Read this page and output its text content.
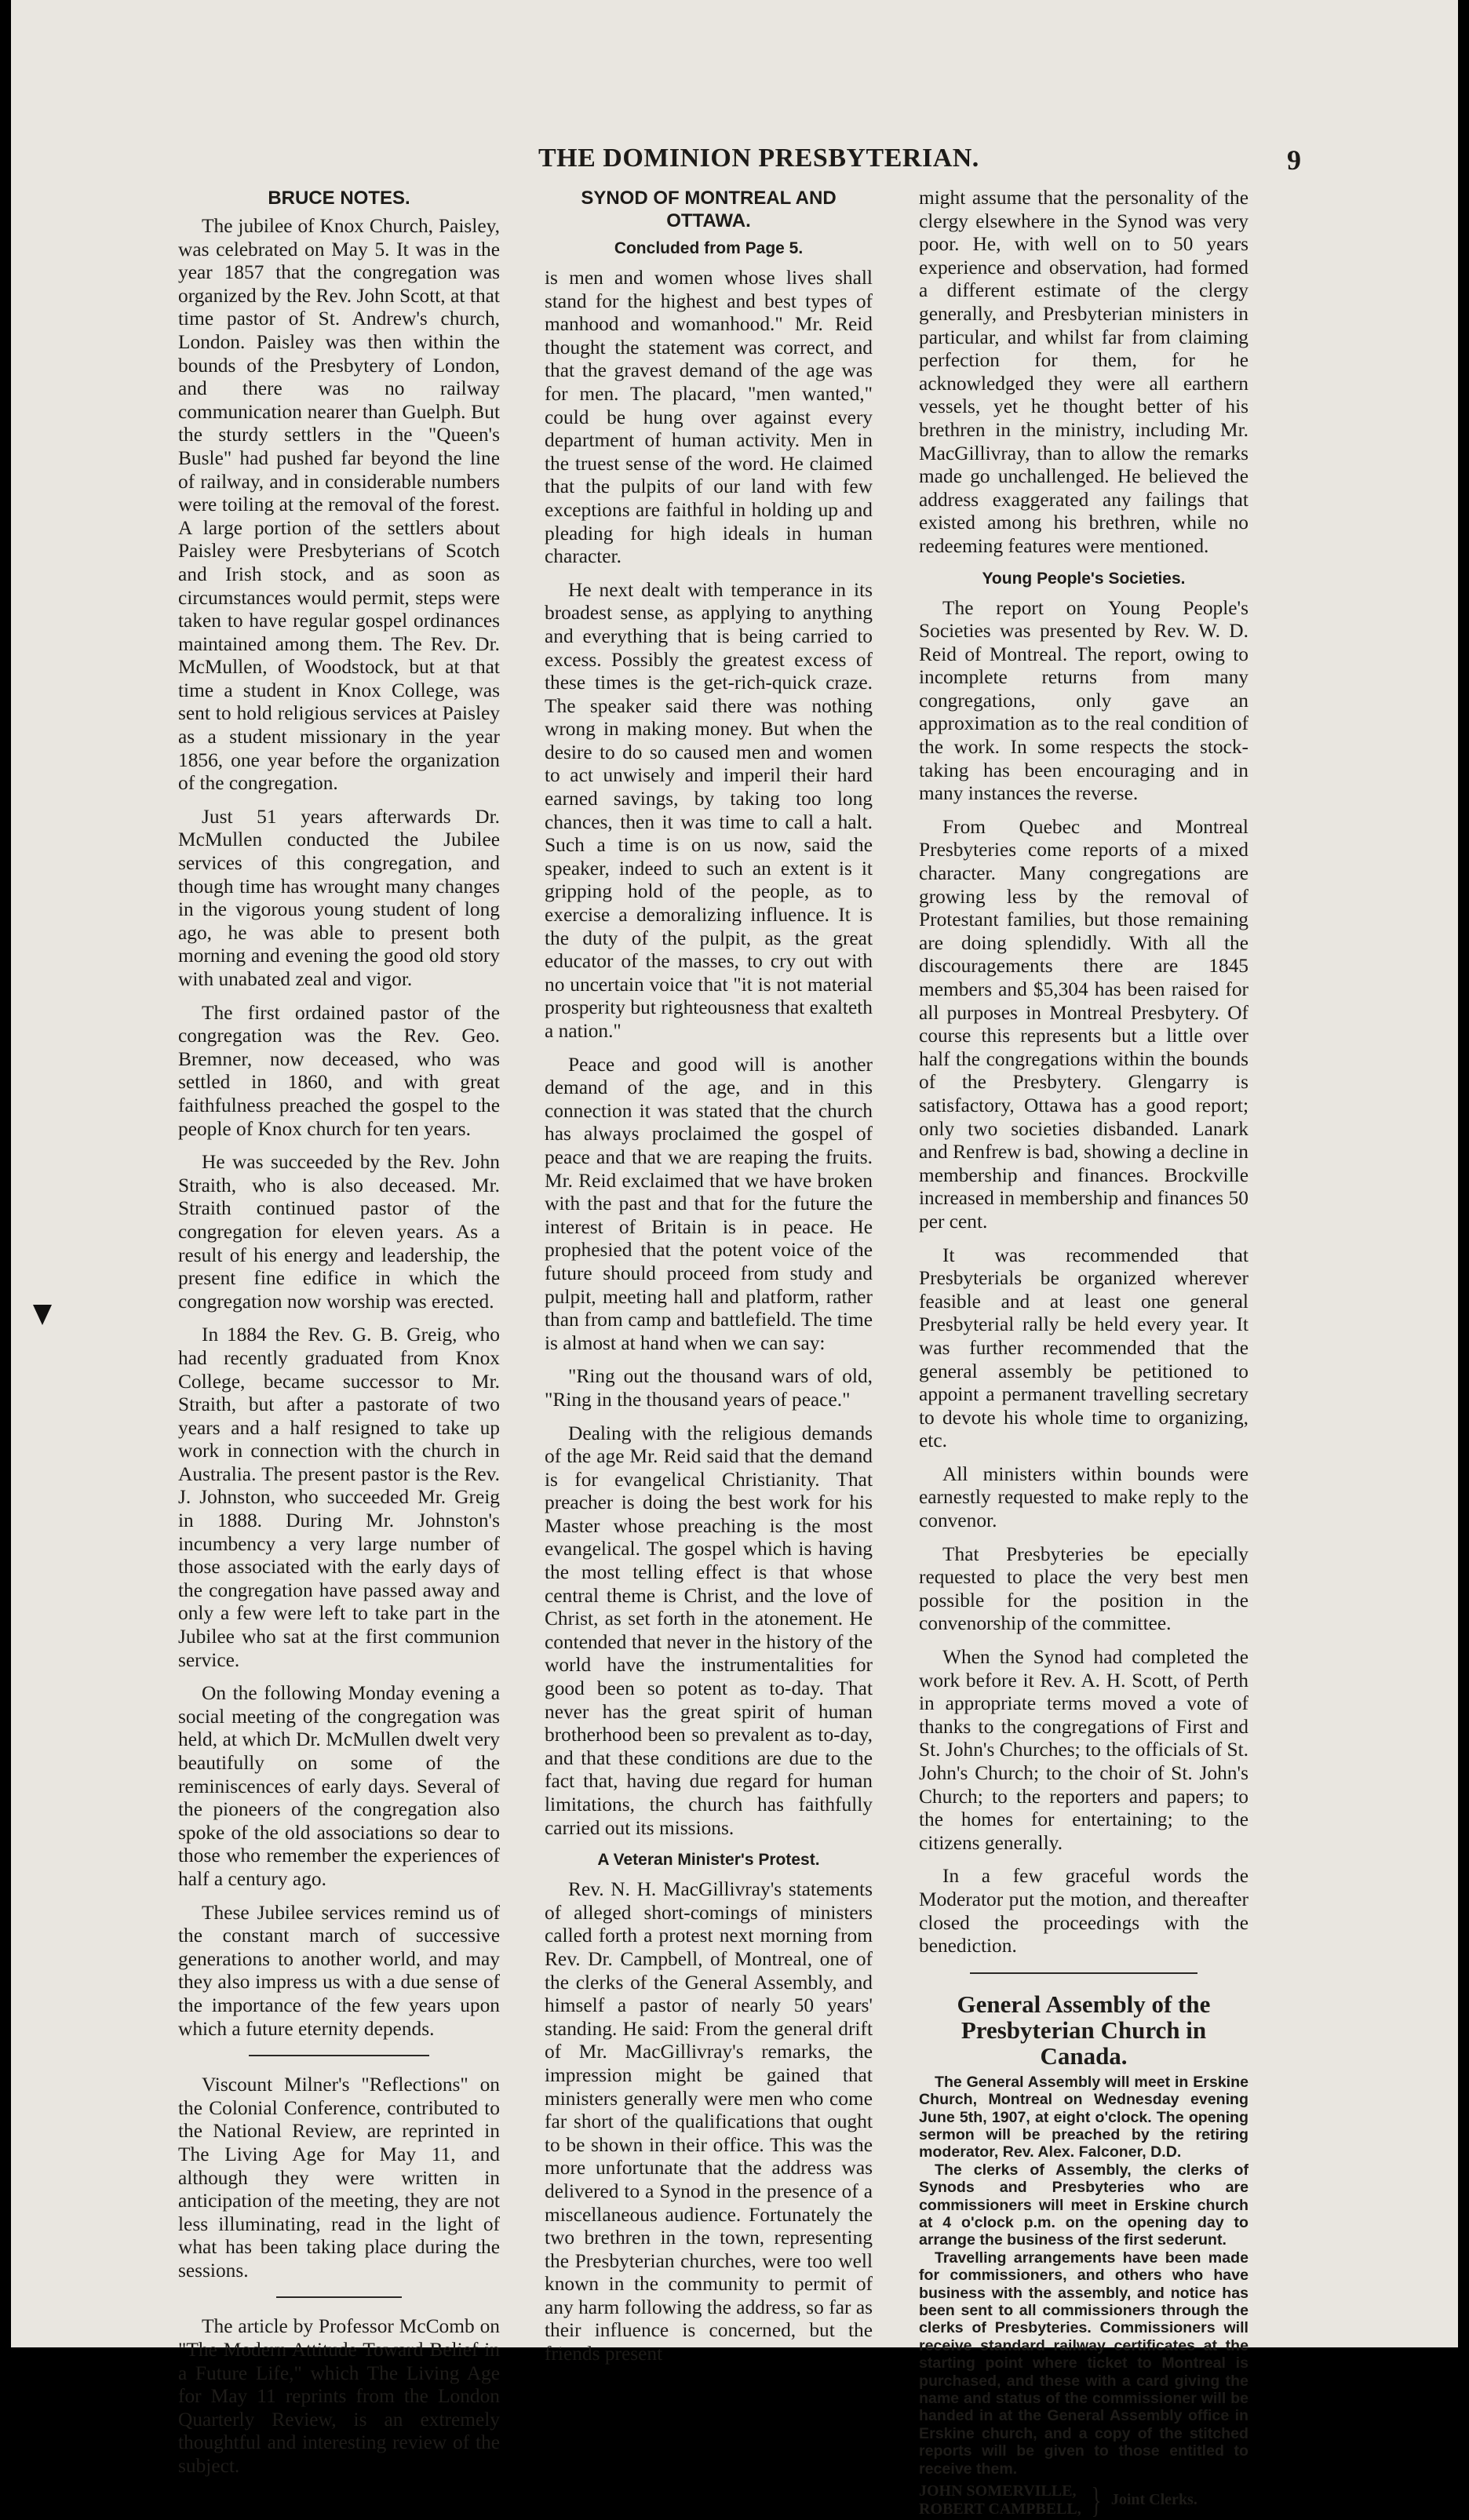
THE DOMINION PRESBYTERIAN.	9
BRUCE NOTES.

The jubilee of Knox Church, Paisley, was celebrated on May 5. It was in the year 1857 that the congregation was organized by the Rev. John Scott, at that time pastor of St. Andrew's church, London. Paisley was then within the bounds of the Presbytery of London, and there was no railway communication nearer than Guelph. But the sturdy settlers in the "Queen's Busle" had pushed far beyond the line of railway, and in considerable numbers were toiling at the removal of the forest. A large portion of the settlers about Paisley were Presbyterians of Scotch and Irish stock, and as soon as circumstances would permit, steps were taken to have regular gospel ordinances maintained among them. The Rev. Dr. McMullen, of Woodstock, but at that time a student in Knox College, was sent to hold religious services at Paisley as a student missionary in the year 1856, one year before the organization of the congregation.

Just 51 years afterwards Dr. McMullen conducted the Jubilee services of this congregation, and though time has wrought many changes in the vigorous young student of long ago, he was able to present both morning and evening the good old story with unabated zeal and vigor.

The first ordained pastor of the congregation was the Rev. Geo. Bremner, now deceased, who was settled in 1860, and with great faithfulness preached the gospel to the people of Knox church for ten years.

He was succeeded by the Rev. John Straith, who is also deceased. Mr. Straith continued pastor of the congregation for eleven years. As a result of his energy and leadership, the present fine edifice in which the congregation now worship was erected.

In 1884 the Rev. G. B. Greig, who had recently graduated from Knox College, became successor to Mr. Straith, but after a pastorate of two years and a half resigned to take up work in connection with the church in Australia. The present pastor is the Rev. J. Johnston, who succeeded Mr. Greig in 1888. During Mr. Johnston's incumbency a very large number of those associated with the early days of the congregation have passed away and only a few were left to take part in the Jubilee who sat at the first communion service.

On the following Monday evening a social meeting of the congregation was held, at which Dr. McMullen dwelt very beautifully on some of the reminiscences of early days. Several of the pioneers of the congregation also spoke of the old associations so dear to those who remember the experiences of half a century ago.

These Jubilee services remind us of the constant march of successive generations to another world, and may they also impress us with a due sense of the importance of the few years upon which a future eternity depends.

Viscount Milner's "Reflections" on the Colonial Conference, contributed to the National Review, are reprinted in The Living Age for May 11, and although they were written in anticipation of the meeting, they are not less illuminating, read in the light of what has been taking place during the sessions.

The article by Professor McComb on "The Modern Attitude Toward Belief in a Future Life," which The Living Age for May 11 reprints from the London Quarterly Review, is an extremely thoughtful and interesting review of the subject.

SYNOD OF MONTREAL AND OTTAWA.
Concluded from Page 5.

is men and women whose lives shall stand for the highest and best types of manhood and womanhood." Mr. Reid thought the statement was correct, and that the gravest demand of the age was for men. The placard, "men wanted," could be hung over against every department of human activity. Men in the truest sense of the word. He claimed that the pulpits of our land with few exceptions are faithful in holding up and pleading for high ideals in human character.

He next dealt with temperance in its broadest sense, as applying to anything and everything that is being carried to excess. Possibly the greatest excess of these times is the get-rich-quick craze. The speaker said there was nothing wrong in making money. But when the desire to do so caused men and women to act unwisely and imperil their hard earned savings, by taking too long chances, then it was time to call a halt. Such a time is on us now, said the speaker, indeed to such an extent is it gripping hold of the people, as to exercise a demoralizing influence. It is the duty of the pulpit, as the great educator of the masses, to cry out with no uncertain voice that "it is not material prosperity but righteousness that exalteth a nation."

Peace and good will is another demand of the age, and in this connection it was stated that the church has always proclaimed the gospel of peace and that we are reaping the fruits. Mr. Reid exclaimed that we have broken with the past and that for the future the interest of Britain is in peace. He prophesied that the potent voice of the future should proceed from study and pulpit, meeting hall and platform, rather than from camp and battlefield. The time is almost at hand when we can say:

"Ring out the thousand wars of old, "Ring in the thousand years of peace."

Dealing with the religious demands of the age Mr. Reid said that the demand is for evangelical Christianity. That preacher is doing the best work for his Master whose preaching is the most evangelical. The gospel which is having the most telling effect is that whose central theme is Christ, and the love of Christ, as set forth in the atonement. He contended that never in the history of the world have the instrumentalities for good been so potent as to-day. That never has the great spirit of human brotherhood been so prevalent as to-day, and that these conditions are due to the fact that, having due regard for human limitations, the church has faithfully carried out its missions.

A Veteran Minister's Protest.

Rev. N. H. MacGillivray's statements of alleged short-comings of ministers called forth a protest next morning from Rev. Dr. Campbell, of Montreal, one of the clerks of the General Assembly, and himself a pastor of nearly 50 years' standing. He said: From the general drift of Mr. MacGillivray's remarks, the impression might be gained that ministers generally were men who come far short of the qualifications that ought to be shown in their office. This was the more unfortunate that the address was delivered to a Synod in the presence of a miscellaneous audience. Fortunately the two brethren in the town, representing the Presbyterian churches, were too well known in the community to permit of any harm following the address, so far as their influence is concerned, but the friends present

might assume that the personality of the clergy elsewhere in the Synod was very poor. He, with well on to 50 years experience and observation, had formed a different estimate of the clergy generally, and Presbyterian ministers in particular, and whilst far from claiming perfection for them, for he acknowledged they were all earthern vessels, yet he thought better of his brethren in the ministry, including Mr. MacGillivray, than to allow the remarks made go unchallenged. He believed the address exaggerated any failings that existed among his brethren, while no redeeming features were mentioned.

Young People's Societies.

The report on Young People's Societies was presented by Rev. W. D. Reid of Montreal. The report, owing to incomplete returns from many congregations, only gave an approximation as to the real condition of the work. In some respects the stock-taking has been encouraging and in many instances the reverse.

From Quebec and Montreal Presbyteries come reports of a mixed character. Many congregations are growing less by the removal of Protestant families, but those remaining are doing splendidly. With all the discouragements there are 1845 members and $5,304 has been raised for all purposes in Montreal Presbytery. Of course this represents but a little over half the congregations within the bounds of the Presbytery. Glengarry is satisfactory, Ottawa has a good report; only two societies disbanded. Lanark and Renfrew is bad, showing a decline in membership and finances. Brockville increased in membership and finances 50 per cent.

It was recommended that Presbyterials be organized wherever feasible and at least one general Presbyterial rally be held every year. It was further recommended that the general assembly be petitioned to appoint a permanent travelling secretary to devote his whole time to organizing, etc.

All ministers within bounds were earnestly requested to make reply to the convenor.

That Presbyteries be epecially requested to place the very best men possible for the position in the convenorship of the committee.

When the Synod had completed the work before it Rev. A. H. Scott, of Perth in appropriate terms moved a vote of thanks to the congregations of First and St. John's Churches; to the officials of St. John's Church; to the choir of St. John's Church; to the reporters and papers; to the homes for entertaining; to the citizens generally.

In a few graceful words the Moderator put the motion, and thereafter closed the proceedings with the benediction.

General Assembly of the Presbyterian Church in Canada.

The General Assembly will meet in Erskine Church, Montreal on Wednesday evening June 5th, 1907, at eight o'clock. The opening sermon will be preached by the retiring moderator, Rev. Alex. Falconer, D.D.

The clerks of Assembly, the clerks of Synods and Presbyteries who are commissioners will meet in Erskine church at 4 o'clock p.m. on the opening day to arrange the business of the first sederunt.

Travelling arrangements have been made for commissioners, and others who have business with the assembly, and notice has been sent to all commissioners through the clerks of Presbyteries. Commissioners will receive standard railway certificates at the starting point where ticket to Montreal is purchased, and these with a card giving the name and status of the commissioner will be handed in at the General Assembly office in Erskine church, and a copy of the stitched reports will be given to those entitled to receive them.

JOHN SOMERVILLE,
ROBERT CAMPBELL, } Joint Clerks.
